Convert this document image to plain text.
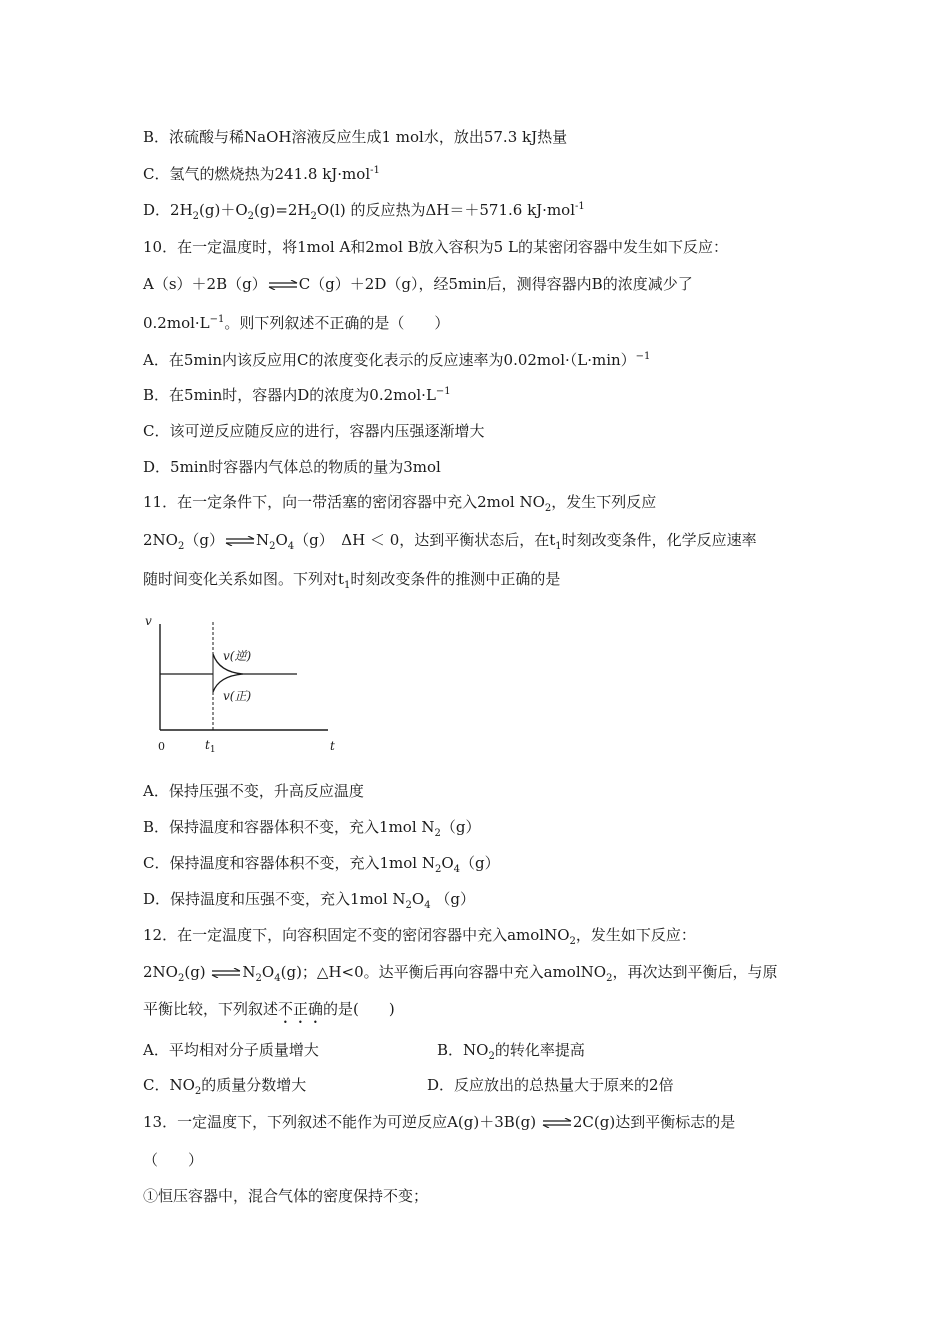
B．浓硫酸与稀NaOH溶液反应生成1 mol水，放出57.3 kJ热量
C．氢气的燃烧热为241.8 kJ·mol$^{-1}$
D．$2H_2(g)+O_2(g)=2H_2O(l)$ 的反应热为ΔH＝＋571.6 kJ·mol$^{-1}$
10．在一定温度时，将1mol A和2mol B放入容积为5 L的某密闭容器中发生如下反应：
A（s）＋2B（g）⇌C（g）＋2D（g），经5min后，测得容器内B的浓度减少了
$0.2mol\cdot L^{-1}$。则下列叙述不正确的是（　　）
A．在5min内该反应用C的浓度变化表示的反应速率为$0.02mol\cdot(L\cdot\min)^{-1}$
B．在5min时，容器内D的浓度为$0.2mol\cdot L^{-1}$
C．该可逆反应随反应的进行，容器内压强逐渐增大
D．5min时容器内气体总的物质的量为3mol
11．在一定条件下，向一带活塞的密闭容器中充入2mol $NO_2$，发生下列反应
$2NO_2(g)\rightleftharpoons N_2O_4(g)$　ΔH ＜ 0，达到平衡状态后，在$t_1$时刻改变条件，化学反应速率
随时间变化关系如图。下列对$t_1$时刻改变条件的推测中正确的是
v
t
0	$t_1$
v(逆)
v(正)
A．保持压强不变，升高反应温度
B．保持温度和容器体积不变，充入1mol $N_2(g)$
C．保持温度和容器体积不变，充入1mol $N_2O_4(g)$
D．保持温度和压强不变，充入1mol $N_2O_4$ （g）
12．在一定温度下，向容积固定不变的密闭容器中充入amolNO$_2$，发生如下反应：
$2NO_2(g)$ $\rightleftharpoons N_2O_4(g)$；△H<0。达平衡后再向容器中充入amolNO$_2$，再次达到平衡后，与原
平衡比较，下列叙述不正确的是(　　)
A．平均相对分子质量增大	B．$NO_2$的转化率提高
C．$NO_2$的质量分数增大	D．反应放出的总热量大于原来的2倍
13．一定温度下，下列叙述不能作为可逆反应A(g)＋3B(g) ⇌2C(g)达到平衡标志的是
（　　）
①恒压容器中，混合气体的密度保持不变；
